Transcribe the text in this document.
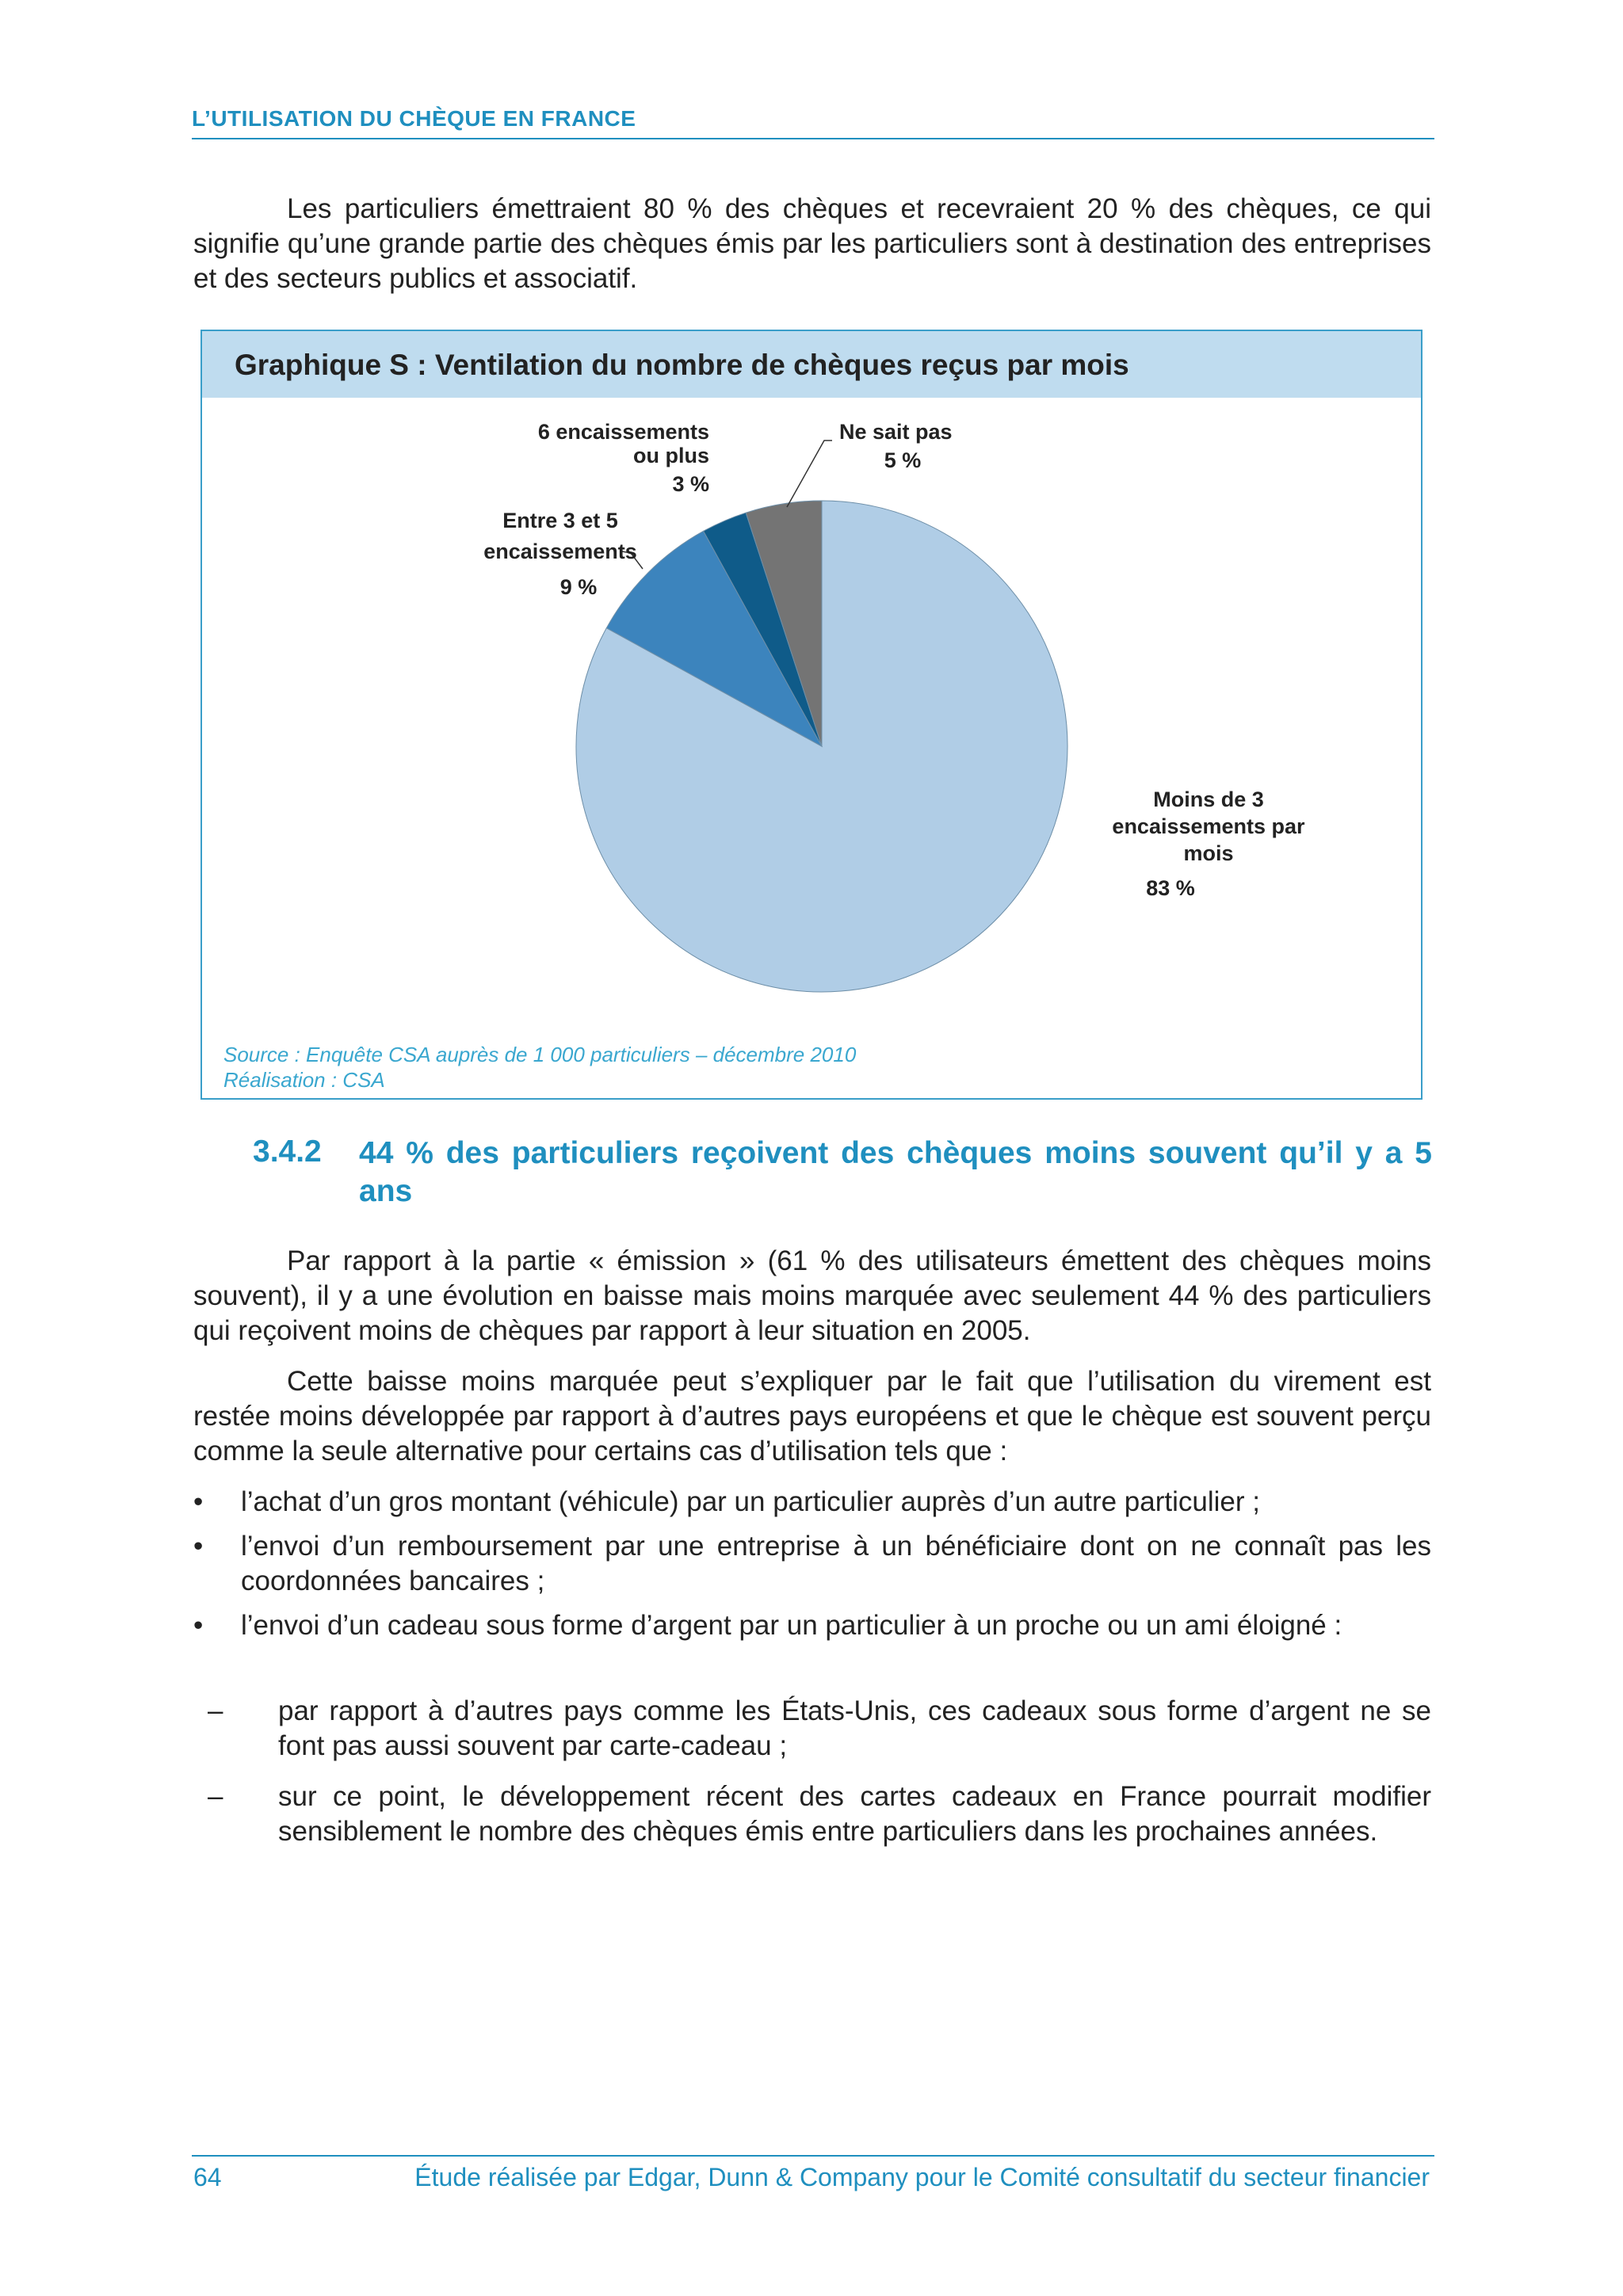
L’UTILISATION DU CHÈQUE EN FRANCE

Les particuliers émettraient 80 % des chèques et recevraient 20 % des chèques, ce qui signifie qu’une grande partie des chèques émis par les particuliers sont à destination des entreprises et des secteurs publics et associatif.

Graphique S : Ventilation du nombre de chèques reçus par mois
Moins de 3
encaissements par
mois
83 %
Entre 3 et 5
encaissements
9 %
6 encaissements
ou plus
3 %
Ne sait pas
5 %
Source : Enquête CSA auprès de 1 000 particuliers – décembre 2010
Réalisation : CSA
3.4.2 44 % des particuliers reçoivent des chèques moins souvent qu’il y a 5 ans

Par rapport à la partie « émission » (61 % des utilisateurs émettent des chèques moins souvent), il y a une évolution en baisse mais moins marquée avec seulement 44 % des particuliers qui reçoivent moins de chèques par rapport à leur situation en 2005.

Cette baisse moins marquée peut s’expliquer par le fait que l’utilisation du virement est restée moins développée par rapport à d’autres pays européens et que le chèque est souvent perçu comme la seule alternative pour certains cas d’utilisation tels que :

• l’achat d’un gros montant (véhicule) par un particulier auprès d’un autre particulier ;

• l’envoi d’un remboursement par une entreprise à un bénéficiaire dont on ne connaît pas les coordonnées bancaires ;

• l’envoi d’un cadeau sous forme d’argent par un particulier à un proche ou un ami éloigné :

– par rapport à d’autres pays comme les États-Unis, ces cadeaux sous forme d’argent ne se font pas aussi souvent par carte-cadeau ;

– sur ce point, le développement récent des cartes cadeaux en France pourrait modifier sensiblement le nombre des chèques émis entre particuliers dans les prochaines années.

64	Étude réalisée par Edgar, Dunn & Company pour le Comité consultatif du secteur financier
